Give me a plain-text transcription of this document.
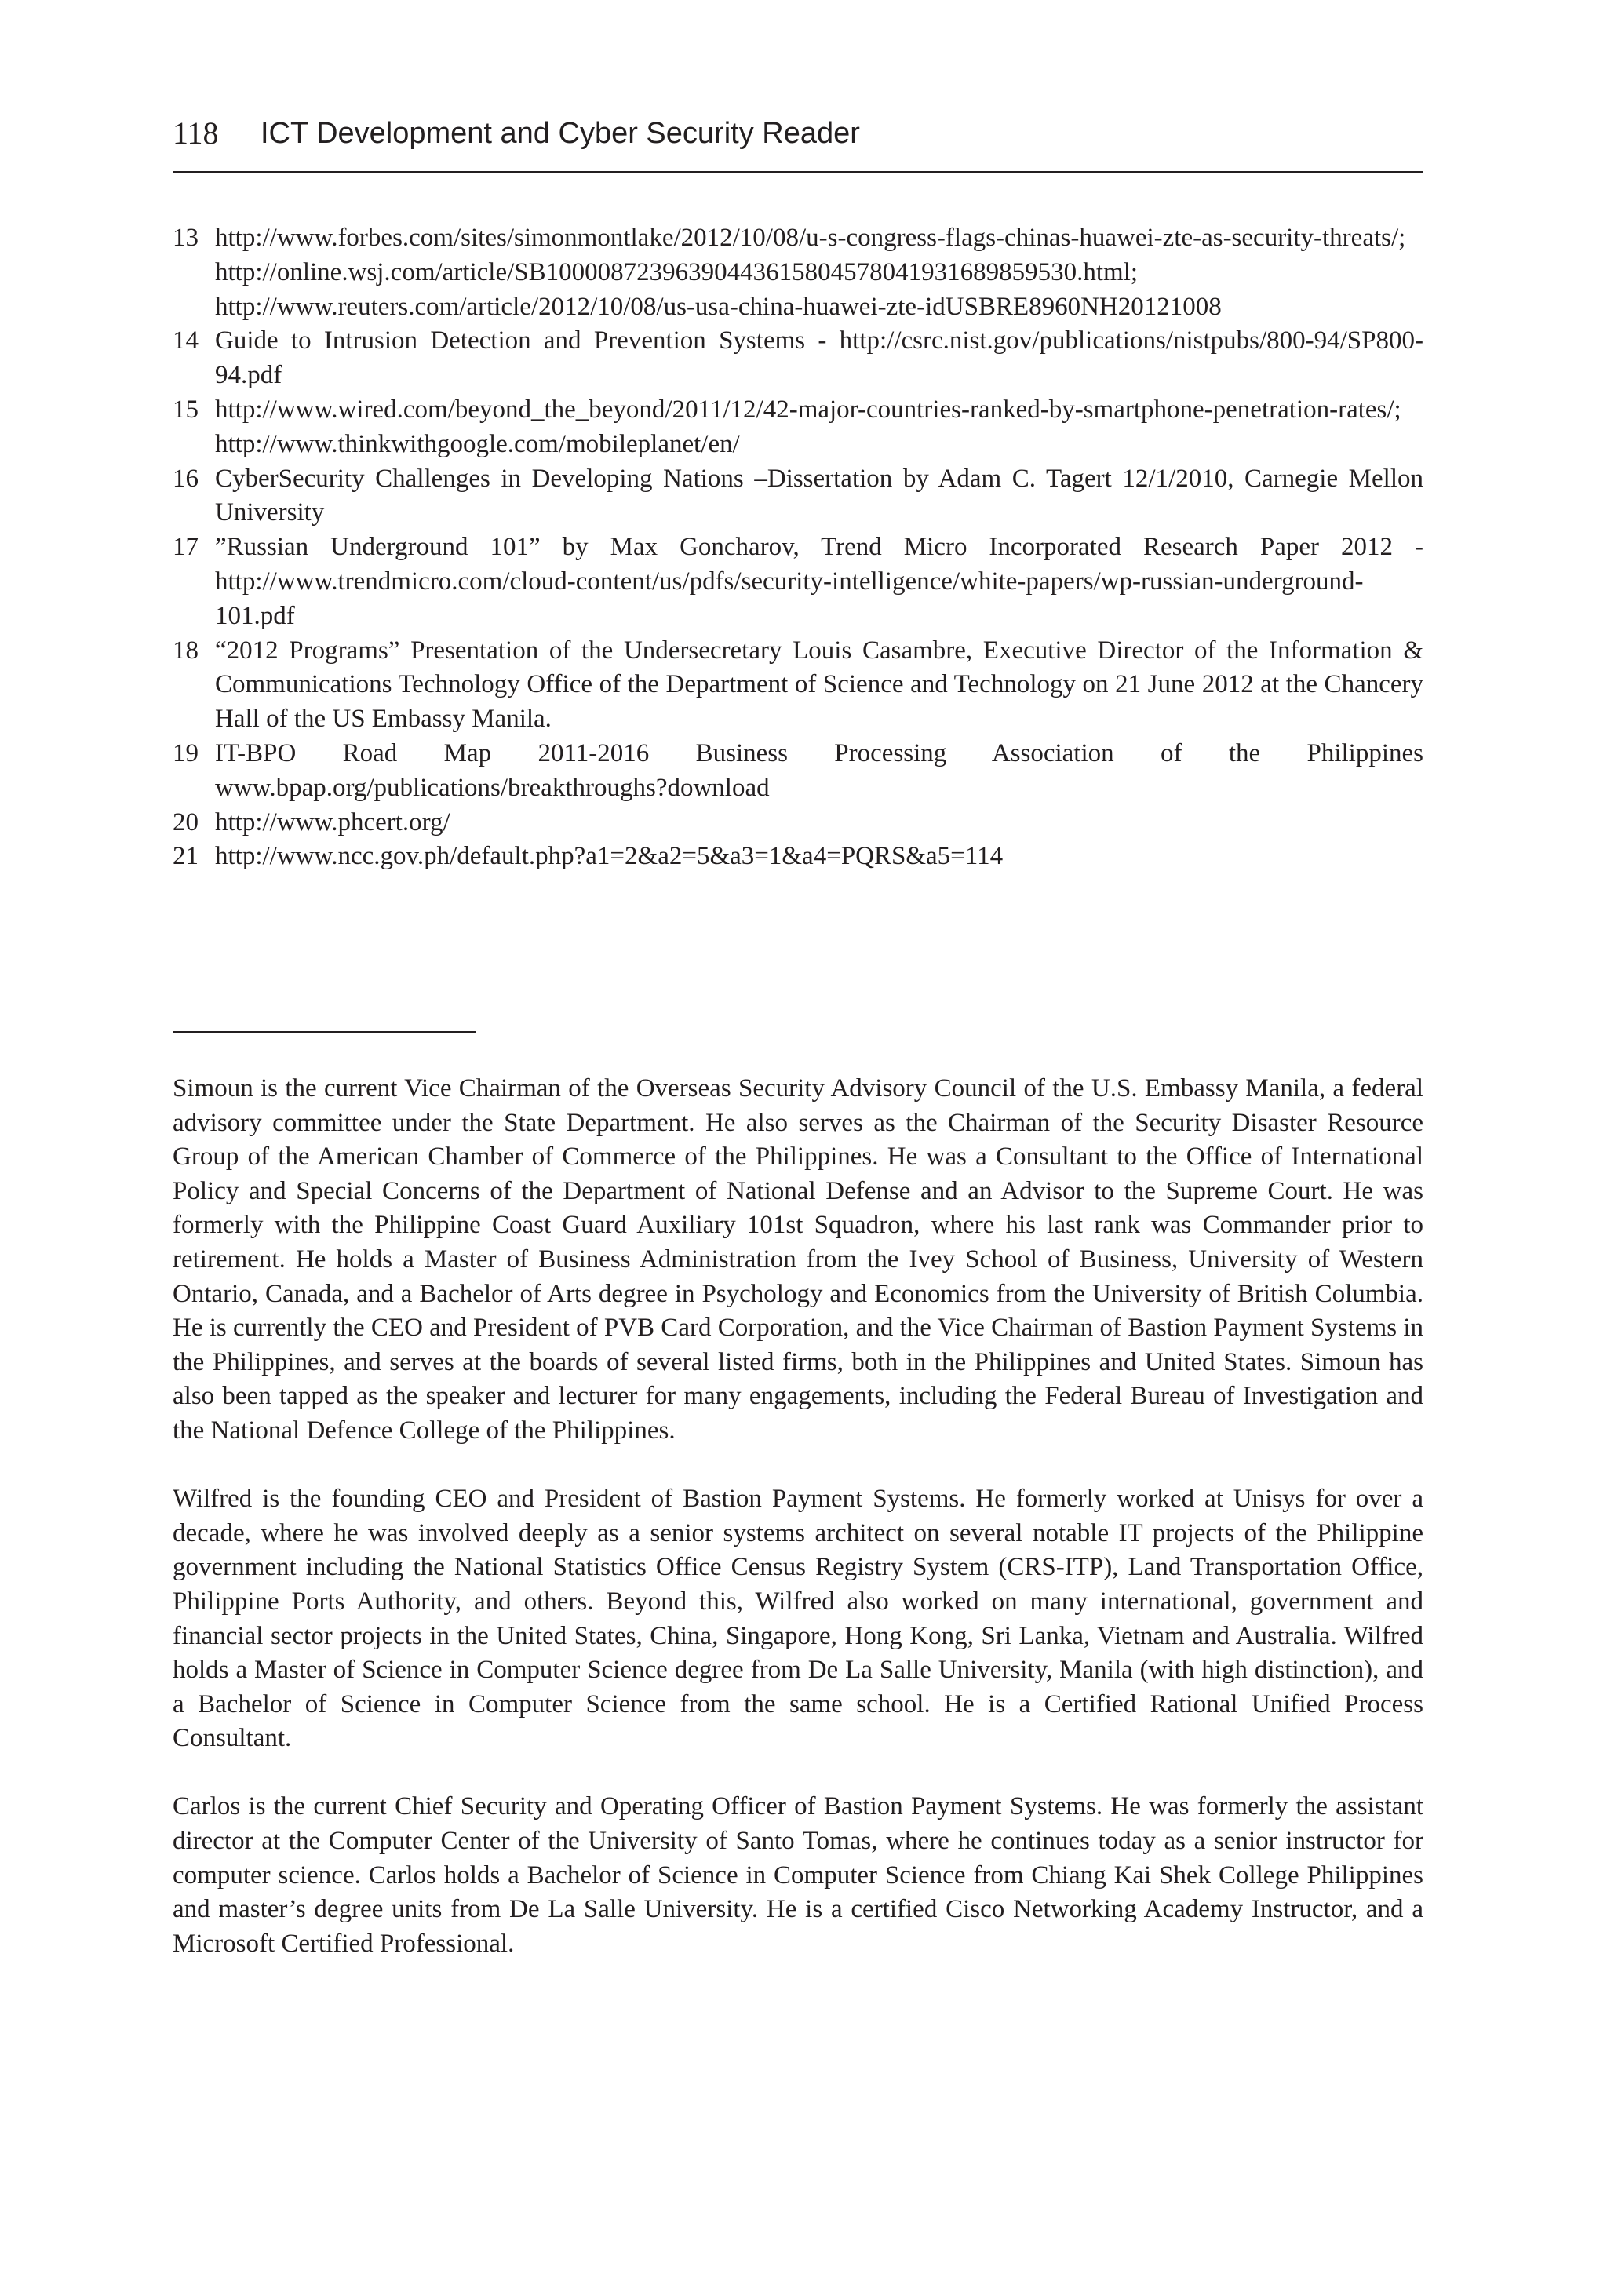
118 ICT Development and Cyber Security Reader
13 http://www.forbes.com/sites/simonmontlake/2012/10/08/u-s-congress-flags-chinas-huawei-zte-as-security-threats/; http://online.wsj.com/article/SB10000872396390443615804578041931689859530.html; http://www.reuters.com/article/2012/10/08/us-usa-china-huawei-zte-idUSBRE8960NH20121008
14 Guide to Intrusion Detection and Prevention Systems - http://csrc.nist.gov/publications/nistpubs/800-94/SP800-94.pdf
15 http://www.wired.com/beyond_the_beyond/2011/12/42-major-countries-ranked-by-smartphone-penetration-rates/; http://www.thinkwithgoogle.com/mobileplanet/en/
16 CyberSecurity Challenges in Developing Nations –Dissertation by Adam C. Tagert 12/1/2010, Carnegie Mellon University
17 ”Russian Underground 101” by Max Goncharov, Trend Micro Incorporated Research Paper 2012 -http://www.trendmicro.com/cloud-content/us/pdfs/security-intelligence/white-papers/wp-russian-underground-101.pdf
18 “2012 Programs” Presentation of the Undersecretary Louis Casambre, Executive Director of the Information & Communications Technology Office of the Department of Science and Technology on 21 June 2012 at the Chancery Hall of the US Embassy Manila.
19 IT-BPO Road Map 2011-2016 Business Processing Association of the Philippines www.bpap.org/publications/breakthroughs?download
20 http://www.phcert.org/
21 http://www.ncc.gov.ph/default.php?a1=2&a2=5&a3=1&a4=PQRS&a5=114

Simoun is the current Vice Chairman of the Overseas Security Advisory Council of the U.S. Embassy Manila, a federal advisory committee under the State Department. He also serves as the Chairman of the Security Disaster Resource Group of the American Chamber of Commerce of the Philippines. He was a Consultant to the Office of International Policy and Special Concerns of the Department of National Defense and an Advisor to the Supreme Court. He was formerly with the Philippine Coast Guard Auxiliary 101st Squadron, where his last rank was Commander prior to retirement. He holds a Master of Business Administration from the Ivey School of Business, University of Western Ontario, Canada, and a Bachelor of Arts degree in Psychology and Economics from the University of British Columbia. He is currently the CEO and President of PVB Card Corporation, and the Vice Chairman of Bastion Payment Systems in the Philippines, and serves at the boards of several listed firms, both in the Philippines and United States. Simoun has also been tapped as the speaker and lecturer for many engagements, including the Federal Bureau of Investigation and the National Defence College of the Philippines.

Wilfred is the founding CEO and President of Bastion Payment Systems. He formerly worked at Unisys for over a decade, where he was involved deeply as a senior systems architect on several notable IT projects of the Philippine government including the National Statistics Office Census Registry System (CRS-ITP), Land Transportation Office, Philippine Ports Authority, and others. Beyond this, Wilfred also worked on many international, government and financial sector projects in the United States, China, Singapore, Hong Kong, Sri Lanka, Vietnam and Australia. Wilfred holds a Master of Science in Computer Science degree from De La Salle University, Manila (with high distinction), and a Bachelor of Science in Computer Science from the same school. He is a Certified Rational Unified Process Consultant.

Carlos is the current Chief Security and Operating Officer of Bastion Payment Systems. He was formerly the assistant director at the Computer Center of the University of Santo Tomas, where he continues today as a senior instructor for computer science. Carlos holds a Bachelor of Science in Computer Science from Chiang Kai Shek College Philippines and master’s degree units from De La Salle University. He is a certified Cisco Networking Academy Instructor, and a Microsoft Certified Professional.
